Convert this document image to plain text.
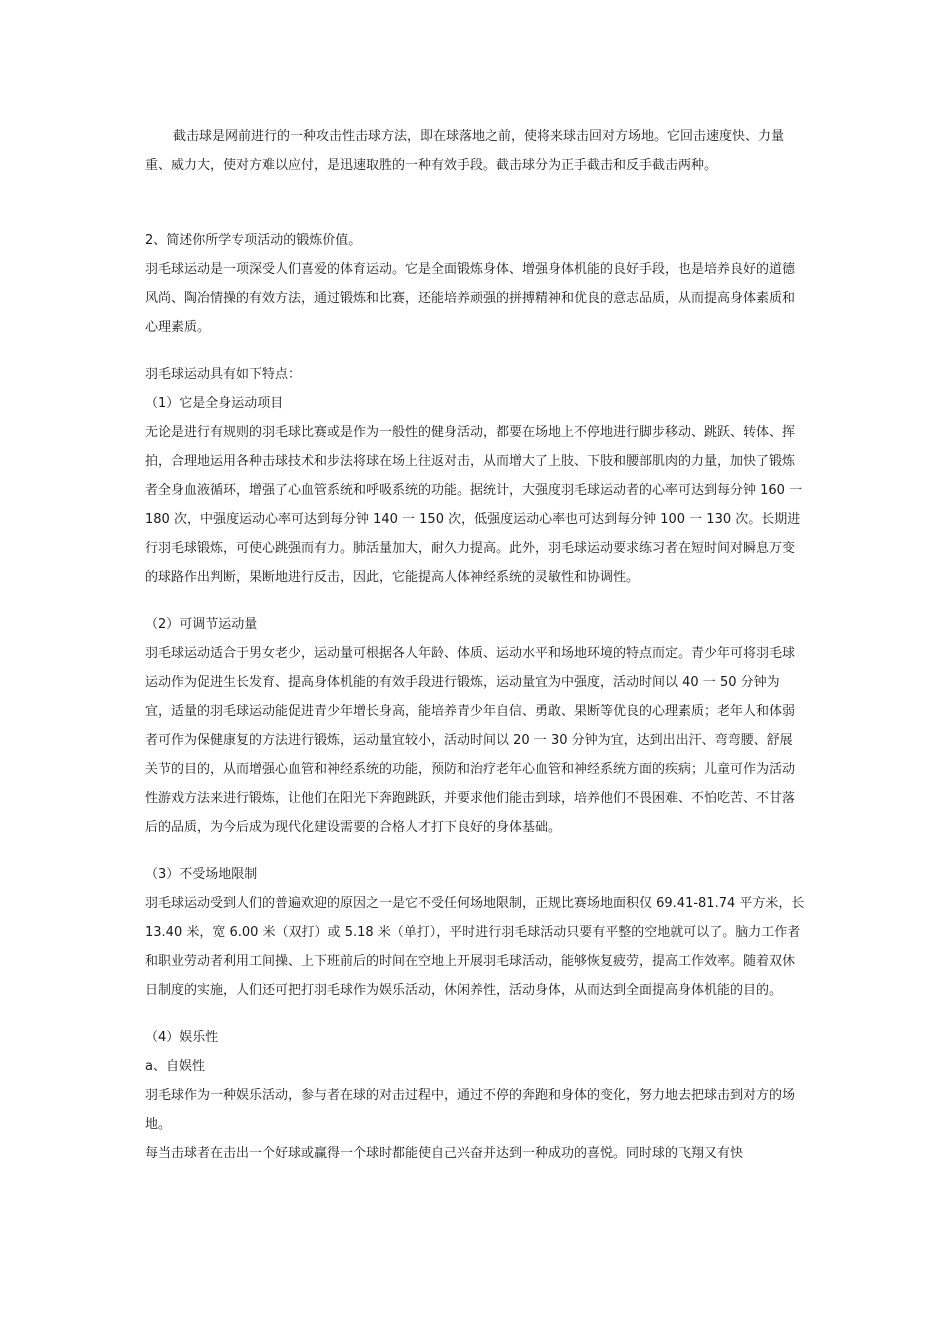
截击球是网前进行的一种攻击性击球方法，即在球落地之前，使将来球击回对方场地。它回击速度快、力量重、威力大，使对方难以应付，是迅速取胜的一种有效手段。截击球分为正手截击和反手截击两种。

2、简述你所学专项活动的锻炼价值。

羽毛球运动是一项深受人们喜爱的体育运动。它是全面锻炼身体、增强身体机能的良好手段，也是培养良好的道德风尚、陶冶情操的有效方法，通过锻炼和比赛，还能培养顽强的拼搏精神和优良的意志品质，从而提高身体素质和心理素质。

羽毛球运动具有如下特点：

（1）它是全身运动项目

无论是进行有规则的羽毛球比赛或是作为一般性的健身活动，都要在场地上不停地进行脚步移动、跳跃、转体、挥拍，合理地运用各种击球技术和步法将球在场上往返对击，从而增大了上肢、下肢和腰部肌肉的力量，加快了锻炼者全身血液循环，增强了心血管系统和呼吸系统的功能。据统计，大强度羽毛球运动者的心率可达到每分钟 160 一 180 次，中强度运动心率可达到每分钟 140 一 150 次，低强度运动心率也可达到每分钟 100 一 130 次。长期进行羽毛球锻炼，可使心跳强而有力。肺活量加大，耐久力提高。此外，羽毛球运动要求练习者在短时间对瞬息万变的球路作出判断，果断地进行反击，因此，它能提高人体神经系统的灵敏性和协调性。

（2）可调节运动量

羽毛球运动适合于男女老少，运动量可根据各人年龄、体质、运动水平和场地环境的特点而定。青少年可将羽毛球运动作为促进生长发育、提高身体机能的有效手段进行锻炼，运动量宜为中强度，活动时间以 40 一 50 分钟为宜，适量的羽毛球运动能促进青少年增长身高，能培养青少年自信、勇敢、果断等优良的心理素质；老年人和体弱者可作为保健康复的方法进行锻炼，运动量宜较小，活动时间以 20 一 30 分钟为宜，达到出出汗、弯弯腰、舒展关节的目的，从而增强心血管和神经系统的功能，预防和治疗老年心血管和神经系统方面的疾病；儿童可作为活动性游戏方法来进行锻炼，让他们在阳光下奔跑跳跃，并要求他们能击到球，培养他们不畏困难、不怕吃苦、不甘落后的品质，为今后成为现代化建设需要的合格人才打下良好的身体基础。

（3）不受场地限制

羽毛球运动受到人们的普遍欢迎的原因之一是它不受任何场地限制，正规比赛场地面积仅 69.41-81.74 平方米，长 13.40 米，宽 6.00 米（双打）或 5.18 米（单打），平时进行羽毛球活动只要有平整的空地就可以了。脑力工作者和职业劳动者利用工间操、上下班前后的时间在空地上开展羽毛球活动，能够恢复疲劳，提高工作效率。随着双休日制度的实施，人们还可把打羽毛球作为娱乐活动，休闲养性，活动身体，从而达到全面提高身体机能的目的。

（4）娱乐性

a、自娱性

羽毛球作为一种娱乐活动，参与者在球的对击过程中，通过不停的奔跑和身体的变化，努力地去把球击到对方的场地。

每当击球者在击出一个好球或赢得一个球时都能使自己兴奋并达到一种成功的喜悦。同时球的飞翔又有快
